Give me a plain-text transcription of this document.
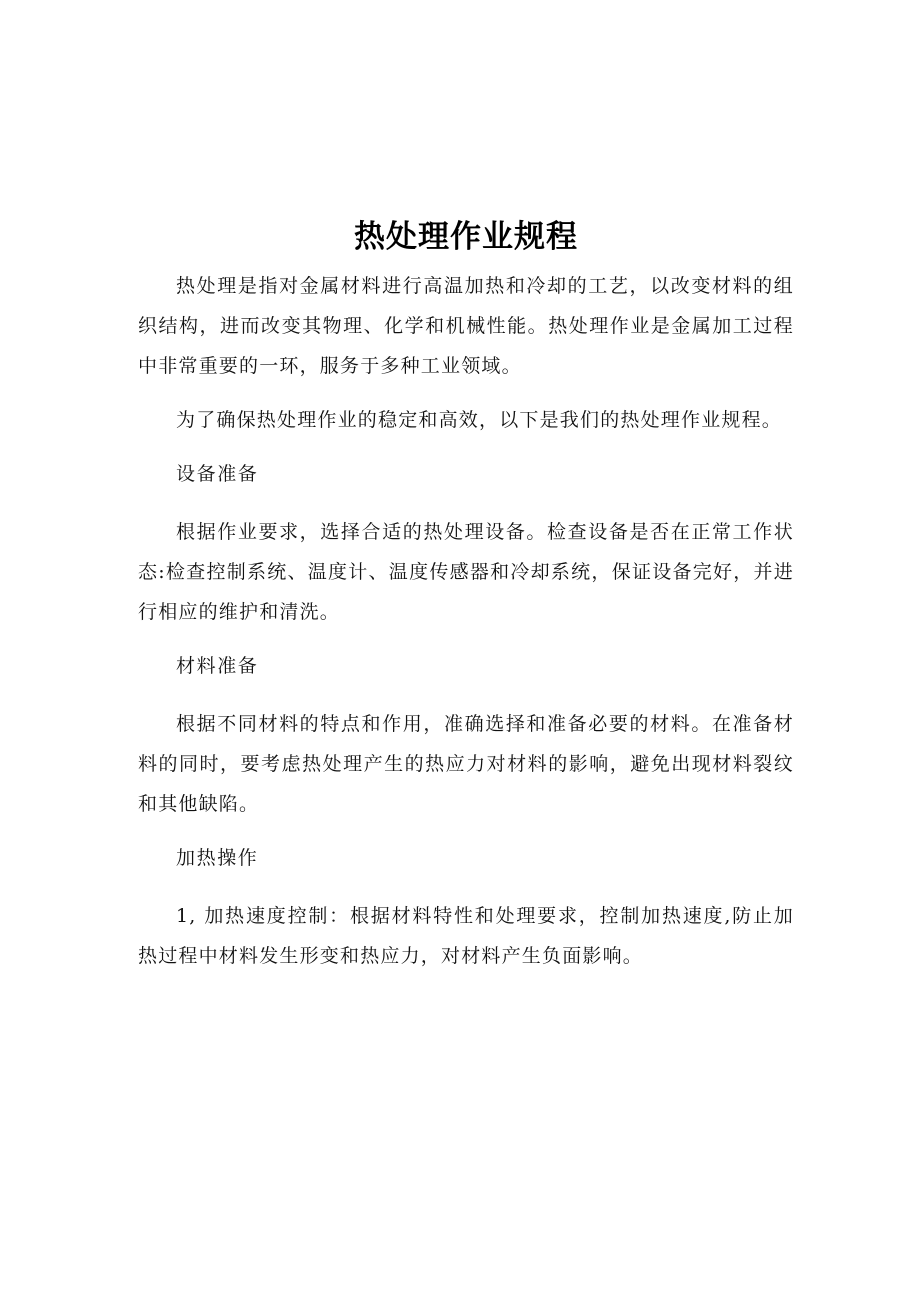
热处理作业规程

热处理是指对金属材料进行高温加热和冷却的工艺，以改变材料的组织结构，进而改变其物理、化学和机械性能。热处理作业是金属加工过程中非常重要的一环，服务于多种工业领域。

为了确保热处理作业的稳定和高效，以下是我们的热处理作业规程。

设备准备

根据作业要求，选择合适的热处理设备。检查设备是否在正常工作状态:检查控制系统、温度计、温度传感器和冷却系统，保证设备完好，并进行相应的维护和清洗。

材料准备

根据不同材料的特点和作用，准确选择和准备必要的材料。在准备材料的同时，要考虑热处理产生的热应力对材料的影响，避免出现材料裂纹和其他缺陷。

加热操作

1, 加热速度控制：根据材料特性和处理要求，控制加热速度,防止加热过程中材料发生形变和热应力，对材料产生负面影响。
